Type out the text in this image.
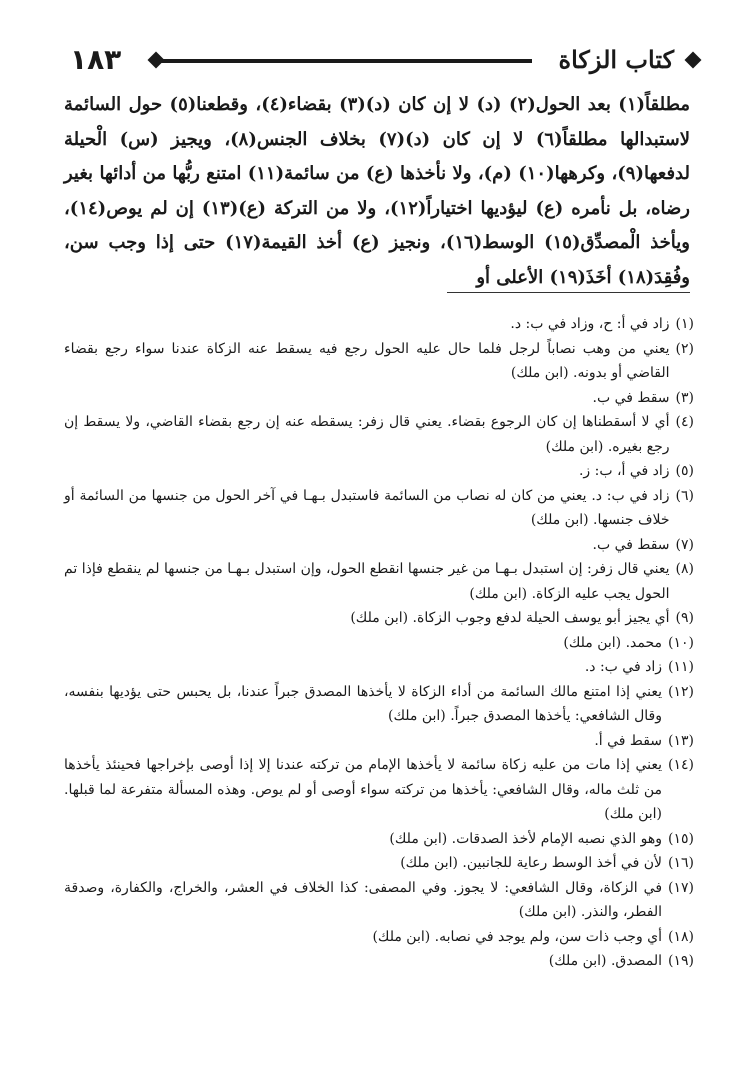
١٨٣	كتاب الزكاة

مطلقاً(١) بعد الحول(٢) (د) لا إن كان (د)(٣) بقضاء(٤)، وقطعنا(٥) حول السائمة لاستبدالها مطلقاً(٦) لا إن كان (د)(٧) بخلاف الجنس(٨)، ويجيز (س) الْحيلة لدفعها(٩)، وكرهها(١٠) (م)، ولا نأخذها (ع) من سائمة(١١) امتنع ربُّها من أدائها بغير رضاه، بل نأمره (ع) ليؤديها اختياراً(١٢)، ولا من التركة (ع)(١٣) إن لم يوص(١٤)، ويأخذ الْمصدِّق(١٥) الوسط(١٦)، ونجيز (ع) أخذ القيمة(١٧) حتى إذا وجب سن، وفُقِدَ(١٨) أخَذَ(١٩) الأعلى أو

(١)
زاد في أ: ح، وزاد في ب: د.
(٢)
يعني من وهب نصاباً لرجل فلما حال عليه الحول رجع فيه يسقط عنه الزكاة عندنا سواء رجع بقضاء القاضي أو بدونه. (ابن ملك)
(٣)
سقط في ب.
(٤)
أي لا أسقطناها إن كان الرجوع بقضاء. يعني قال زفر: يسقطه عنه إن رجع بقضاء القاضي، ولا يسقط إن رجع بغيره. (ابن ملك)
(٥)
زاد في أ، ب: ز.
(٦)
زاد في ب: د. يعني من كان له نصاب من السائمة فاستبدل بـهـا في آخر الحول من جنسها من السائمة أو خلاف جنسها. (ابن ملك)
(٧)
سقط في ب.
(٨)
يعني قال زفر: إن استبدل بـهـا من غير جنسها انقطع الحول، وإن استبدل بـهـا من جنسها لم ينقطع فإذا تم الحول يجب عليه الزكاة. (ابن ملك)
(٩)
أي يجيز أبو يوسف الحيلة لدفع وجوب الزكاة. (ابن ملك)
(١٠)
محمد. (ابن ملك)
(١١)
زاد في ب: د.
(١٢)
يعني إذا امتنع مالك السائمة من أداء الزكاة لا يأخذها المصدق جبراً عندنا، بل يحبس حتى يؤديها بنفسه، وقال الشافعي: يأخذها المصدق جبراً. (ابن ملك)
(١٣)
سقط في أ.
(١٤)
يعني إذا مات من عليه زكاة سائمة لا يأخذها الإمام من تركته عندنا إلا إذا أوصى بإخراجها فحينئذ يأخذها من ثلث ماله، وقال الشافعي: يأخذها من تركته سواء أوصى أو لم يوص. وهذه المسألة متفرعة لما قبلها. (ابن ملك)
(١٥)
وهو الذي نصبه الإمام لأخذ الصدقات. (ابن ملك)
(١٦)
لأن في أخذ الوسط رعاية للجانبين. (ابن ملك)
(١٧)
في الزكاة، وقال الشافعي: لا يجوز. وفي المصفى: كذا الخلاف في العشر، والخراج، والكفارة، وصدقة الفطر، والنذر. (ابن ملك)
(١٨)
أي وجب ذات سن، ولم يوجد في نصابه. (ابن ملك)
(١٩)
المصدق. (ابن ملك)
